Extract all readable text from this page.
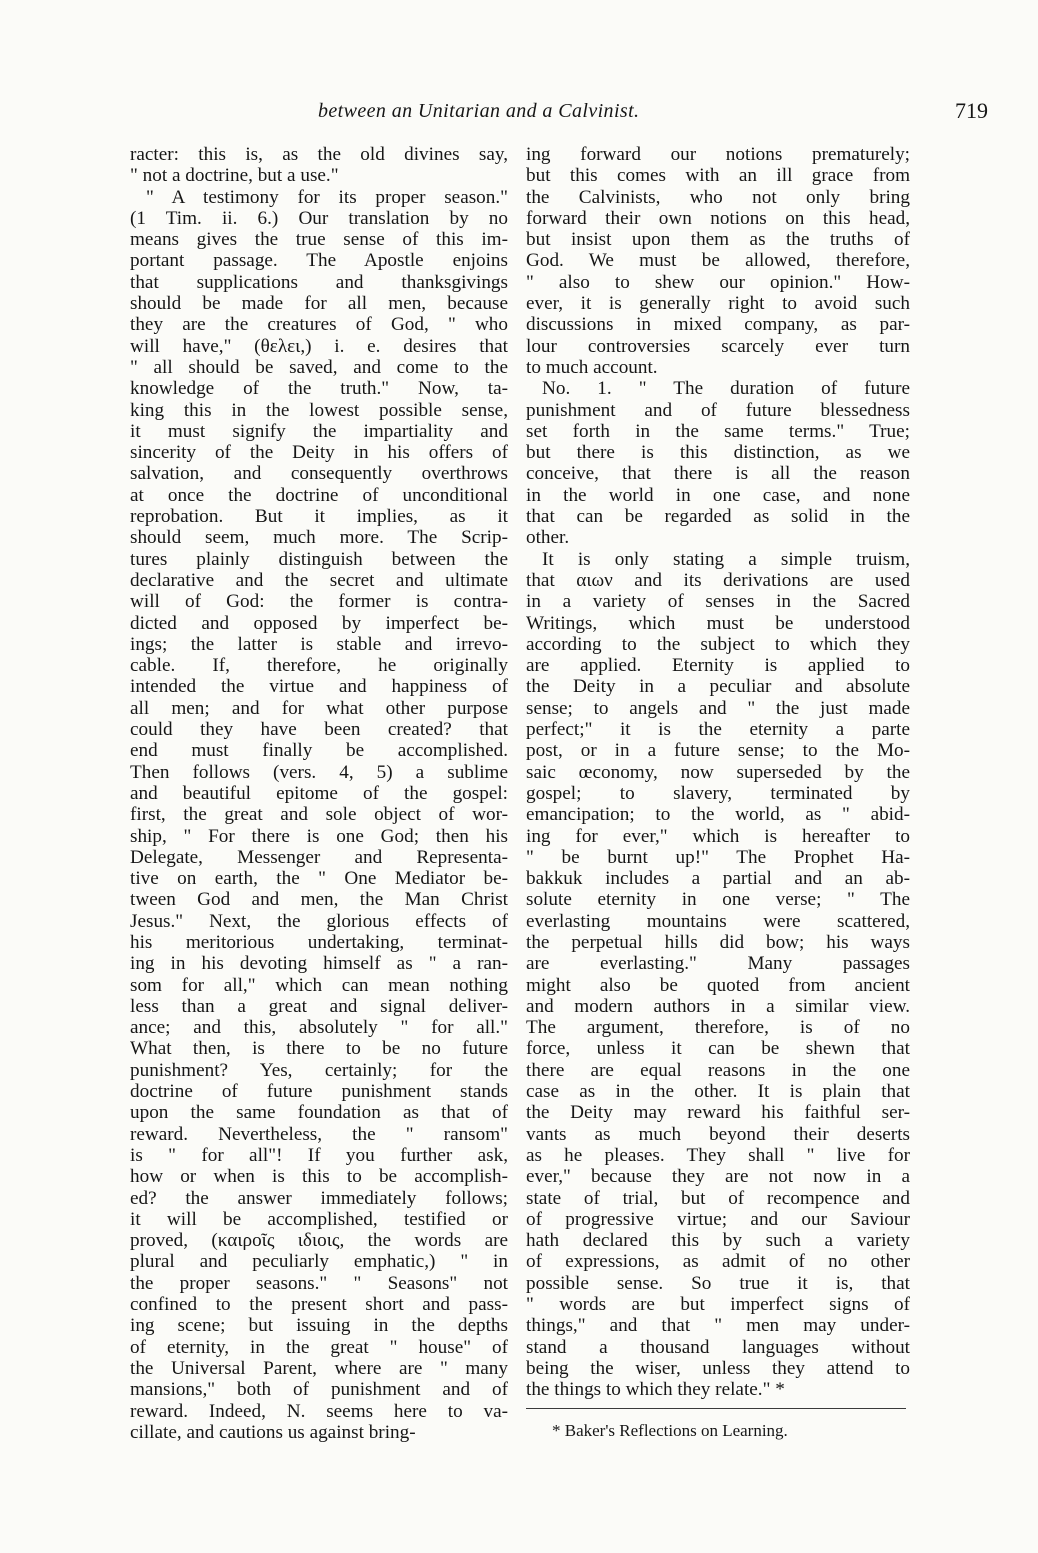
between an Unitarian and a Calvinist.	719
racter: this is, as the old divines say,
" not a doctrine, but a use."
" A testimony for its proper season."
(1 Tim. ii. 6.) Our translation by no
means gives the true sense of this im-
portant passage. The Apostle enjoins
that supplications and thanksgivings
should be made for all men, because
they are the creatures of God, " who
will have," (θελει,) i. e. desires that
" all should be saved, and come to the
knowledge of the truth." Now, ta-
king this in the lowest possible sense,
it must signify the impartiality and
sincerity of the Deity in his offers of
salvation, and consequently overthrows
at once the doctrine of unconditional
reprobation. But it implies, as it
should seem, much more. The Scrip-
tures plainly distinguish between the
declarative and the secret and ultimate
will of God: the former is contra-
dicted and opposed by imperfect be-
ings; the latter is stable and irrevo-
cable. If, therefore, he originally
intended the virtue and happiness of
all men; and for what other purpose
could they have been created? that
end must finally be accomplished.
Then follows (vers. 4, 5) a sublime
and beautiful epitome of the gospel:
first, the great and sole object of wor-
ship, " For there is one God; then his
Delegate, Messenger and Representa-
tive on earth, the " One Mediator be-
tween God and men, the Man Christ
Jesus." Next, the glorious effects of
his meritorious undertaking, terminat-
ing in his devoting himself as " a ran-
som for all," which can mean nothing
less than a great and signal deliver-
ance; and this, absolutely " for all."
What then, is there to be no future
punishment? Yes, certainly; for the
doctrine of future punishment stands
upon the same foundation as that of
reward. Nevertheless, the " ransom"
is " for all"! If you further ask,
how or when is this to be accomplish-
ed? the answer immediately follows;
it will be accomplished, testified or
proved, (καιροῖς ιδιοις, the words are
plural and peculiarly emphatic,) " in
the proper seasons." " Seasons" not
confined to the present short and pass-
ing scene; but issuing in the depths
of eternity, in the great " house" of
the Universal Parent, where are " many
mansions," both of punishment and of
reward. Indeed, N. seems here to va-
cillate, and cautions us against bring-
ing forward our notions prematurely;
but this comes with an ill grace from
the Calvinists, who not only bring
forward their own notions on this head,
but insist upon them as the truths of
God. We must be allowed, therefore,
" also to shew our opinion." How-
ever, it is generally right to avoid such
discussions in mixed company, as par-
lour controversies scarcely ever turn
to much account.
No. 1. " The duration of future
punishment and of future blessedness
set forth in the same terms." True;
but there is this distinction, as we
conceive, that there is all the reason
in the world in one case, and none
that can be regarded as solid in the
other.
It is only stating a simple truism,
that αιων and its derivations are used
in a variety of senses in the Sacred
Writings, which must be understood
according to the subject to which they
are applied. Eternity is applied to
the Deity in a peculiar and absolute
sense; to angels and " the just made
perfect;" it is the eternity a parte
post, or in a future sense; to the Mo-
saic œconomy, now superseded by the
gospel; to slavery, terminated by
emancipation; to the world, as " abid-
ing for ever," which is hereafter to
" be burnt up!" The Prophet Ha-
bakkuk includes a partial and an ab-
solute eternity in one verse; " The
everlasting mountains were scattered,
the perpetual hills did bow; his ways
are everlasting." Many passages
might also be quoted from ancient
and modern authors in a similar view.
The argument, therefore, is of no
force, unless it can be shewn that
there are equal reasons in the one
case as in the other. It is plain that
the Deity may reward his faithful ser-
vants as much beyond their deserts
as he pleases. They shall " live for
ever," because they are not now in a
state of trial, but of recompence and
of progressive virtue; and our Saviour
hath declared this by such a variety
of expressions, as admit of no other
possible sense. So true it is, that
" words are but imperfect signs of
things," and that " men may under-
stand a thousand languages without
being the wiser, unless they attend to
the things to which they relate." *
* Baker's Reflections on Learning.
